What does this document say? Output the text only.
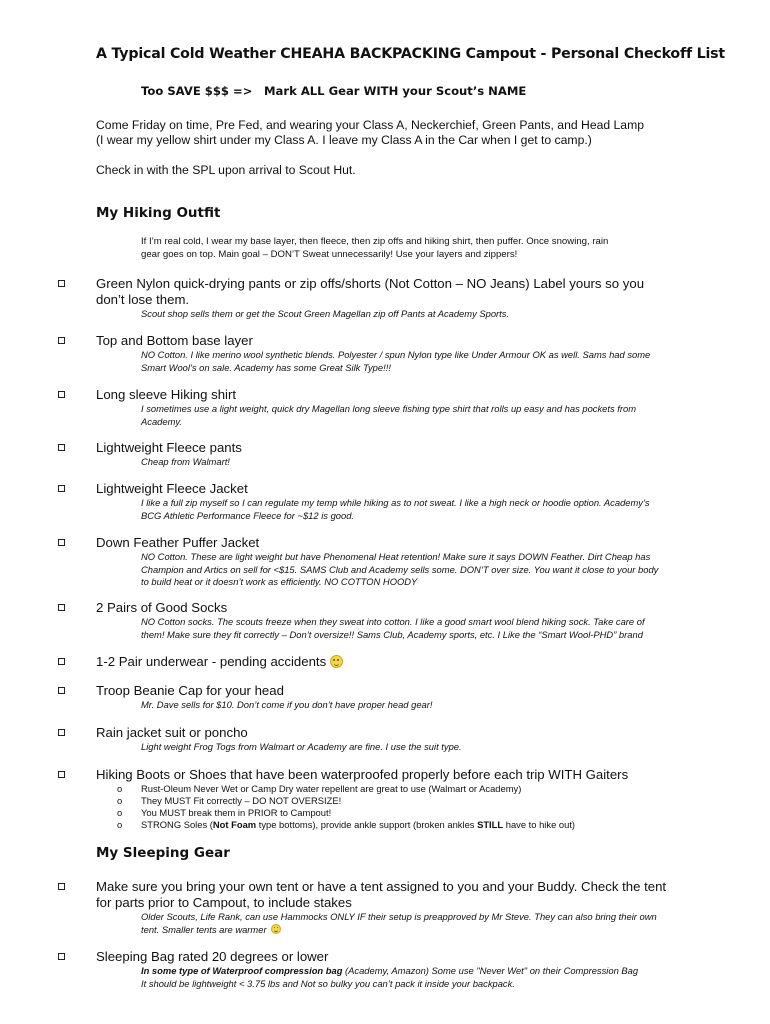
A Typical Cold Weather CHEAHA BACKPACKING Campout - Personal Checkoff List
Too SAVE $$$ => Mark ALL Gear WITH your Scout’s NAME
Come Friday on time, Pre Fed, and wearing your Class A, Neckerchief, Green Pants, and Head Lamp
(I wear my yellow shirt under my Class A. I leave my Class A in the Car when I get to camp.)
Check in with the SPL upon arrival to Scout Hut.
My Hiking Outfit
If I’m real cold, I wear my base layer, then fleece, then zip offs and hiking shirt, then puffer. Once snowing, rain
gear goes on top. Main goal – DON’T Sweat unnecessarily! Use your layers and zippers!
Green Nylon quick-drying pants or zip offs/shorts (Not Cotton – NO Jeans) Label yours so you
don’t lose them.
Scout shop sells them or get the Scout Green Magellan zip off Pants at Academy Sports.
Top and Bottom base layer
NO Cotton. I like merino wool synthetic blends. Polyester / spun Nylon type like Under Armour OK as well. Sams had some
Smart Wool’s on sale. Academy has some Great Silk Type!!!
Long sleeve Hiking shirt
I sometimes use a light weight, quick dry Magellan long sleeve fishing type shirt that rolls up easy and has pockets from
Academy.
Lightweight Fleece pants
Cheap from Walmart!
Lightweight Fleece Jacket
I like a full zip myself so I can regulate my temp while hiking as to not sweat. I like a high neck or hoodie option. Academy’s
BCG Athletic Performance Fleece for ~$12 is good.
Down Feather Puffer Jacket
NO Cotton. These are light weight but have Phenomenal Heat retention! Make sure it says DOWN Feather. Dirt Cheap has
Champion and Artics on sell for <$15. SAMS Club and Academy sells some. DON’T over size. You want it close to your body
to build heat or it doesn’t work as efficiently. NO COTTON HOODY
2 Pairs of Good Socks
NO Cotton socks. The scouts freeze when they sweat into cotton. I like a good smart wool blend hiking sock. Take care of
them! Make sure they fit correctly – Don’t oversize!! Sams Club, Academy sports, etc. I Like the “Smart Wool-PHD” brand
1-2 Pair underwear - pending accidents
Troop Beanie Cap for your head
Mr. Dave sells for $10. Don’t come if you don’t have proper head gear!
Rain jacket suit or poncho
Light weight Frog Togs from Walmart or Academy are fine. I use the suit type.
Hiking Boots or Shoes that have been waterproofed properly before each trip WITH Gaiters
o Rust-Oleum Never Wet or Camp Dry water repellent are great to use (Walmart or Academy)
o They MUST Fit correctly – DO NOT OVERSIZE!
o You MUST break them in PRIOR to Campout!
o STRONG Soles (Not Foam type bottoms), provide ankle support (broken ankles STILL have to hike out)
My Sleeping Gear
Make sure you bring your own tent or have a tent assigned to you and your Buddy. Check the tent
for parts prior to Campout, to include stakes
Older Scouts, Life Rank, can use Hammocks ONLY IF their setup is preapproved by Mr Steve. They can also bring their own
tent. Smaller tents are warmer
Sleeping Bag rated 20 degrees or lower
In some type of Waterproof compression bag (Academy, Amazon) Some use "Never Wet" on their Compression Bag
It should be lightweight < 3.75 lbs and Not so bulky you can’t pack it inside your backpack.
